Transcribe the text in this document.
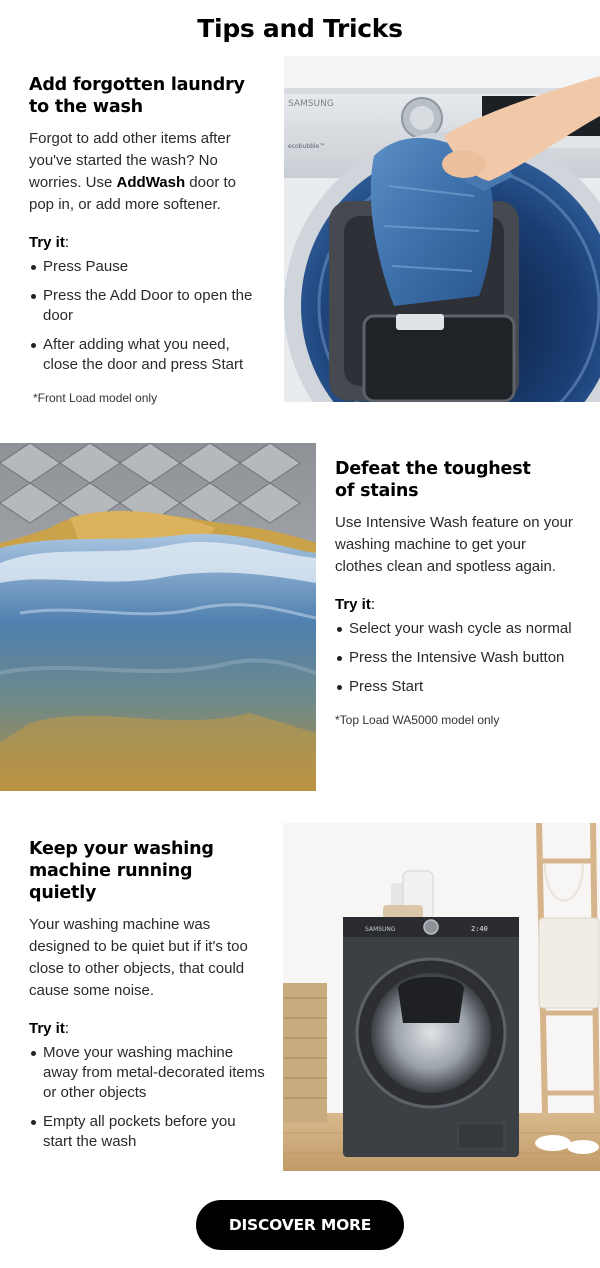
Tips and Tricks
Add forgotten laundry
to the wash
Forgot to add other items after you've started the wash? No worries. Use AddWash door to pop in, or add more softener.
Try it:
Press Pause
Press the Add Door to open the door
After adding what you need, close the door and press Start
*Front Load model only
SAMSUNG
ecobubble™
Defeat the toughest
of stains
Use Intensive Wash feature on your washing machine to get your clothes clean and spotless again.
Try it:
Select your wash cycle as normal
Press the Intensive Wash button
Press Start
*Top Load WA5000 model only
Keep your washing
machine running quietly
Your washing machine was designed to be quiet but if it's too close to other objects, that could cause some noise.
Try it:
Move your washing machine away from metal-decorated items or other objects
Empty all pockets before you start the wash
SAMSUNG	2:40
DISCOVER MORE
